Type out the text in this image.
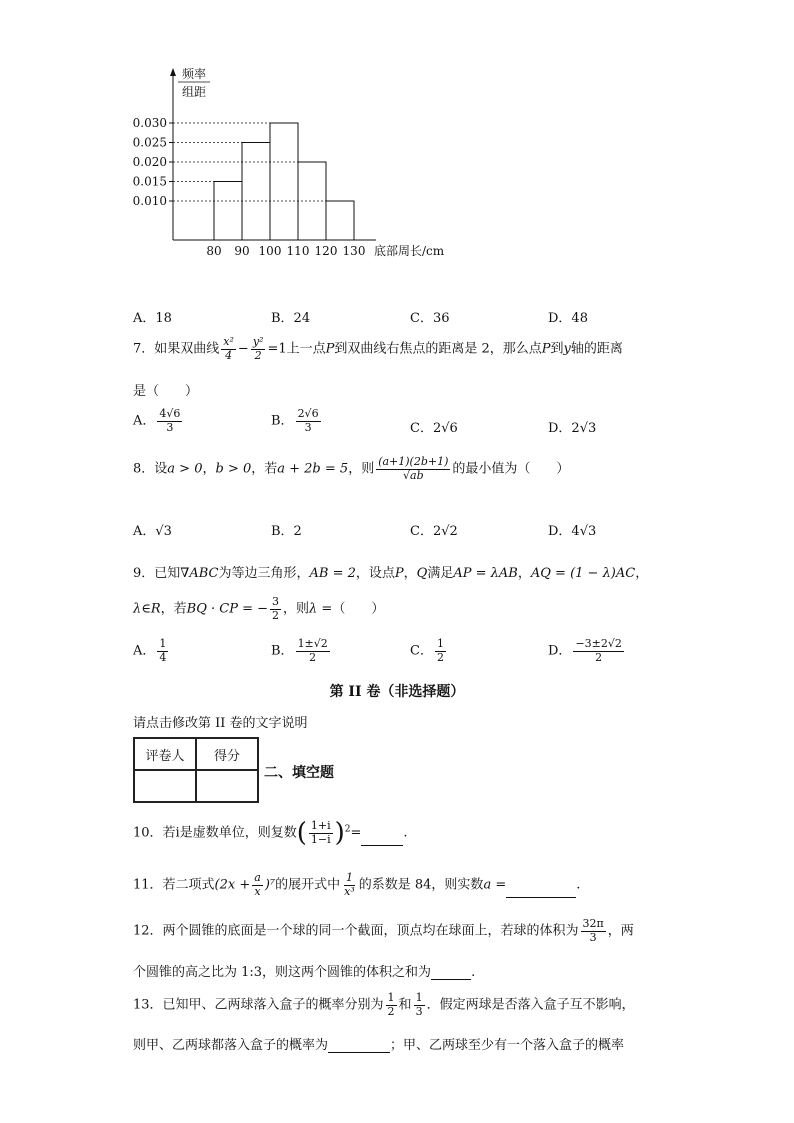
频率
组距
0.030
0.025
0.020
0.015
0.010
80 90 100 110 120 130 底部周长/cm
A．18	B．24	C．36	D．48
7．如果双曲线 $\frac{\text{x²}}{4} - \frac{\text{y²}}{2} =1$上一点P到双曲线右焦点的距离是 2，那么点P到y轴的距离
是（　　）
A． $\frac{4√6}{3}$	B． $\frac{2√6}{3}$	C．2√6	D．2√3
8．设a > 0，b > 0，若a + 2b = 5，则 $\frac{(a+1)(2b+1)}{√ab}$ 的最小值为（　　）
A．√3	B．2	C．2√2	D．4√3
9．已知∇ABC为等边三角形，AB = 2，设点P，Q满足AP = λAB，AQ = (1 − λ)AC，
λ∈R，若BQ · CP = − $\frac{3}{2}$ ，则λ =（　　）
A． $\frac{1}{4}$	B． $\frac{1\pm√2}{2}$	C． $\frac{1}{2}$	D． $\frac{-3\pm 2√2}{2}$
第 II 卷（非选择题）
请点击修改第 II 卷的文字说明
评卷人	得分

二、填空题
10．若i是虚数单位，则复数( $\frac{1+i}{1-i} )^2=$	.
11．若二项式$(2x + \frac{a}{x} )^7$的展开式中 $\frac{1}{\text{x³}}$ 的系数是 84，则实数a =	.
12．两个圆锥的底面是一个球的同一个截面，顶点均在球面上，若球的体积为 $\frac{32\pi}{3}$ ，两
个圆锥的高之比为 1:3，则这两个圆锥的体积之和为	.
13．已知甲、乙两球落入盒子的概率分别为 $\frac{1}{2}$ 和 $\frac{1}{3}$ ．假定两球是否落入盒子互不影响，
则甲、乙两球都落入盒子的概率为	；甲、乙两球至少有一个落入盒子的概率
